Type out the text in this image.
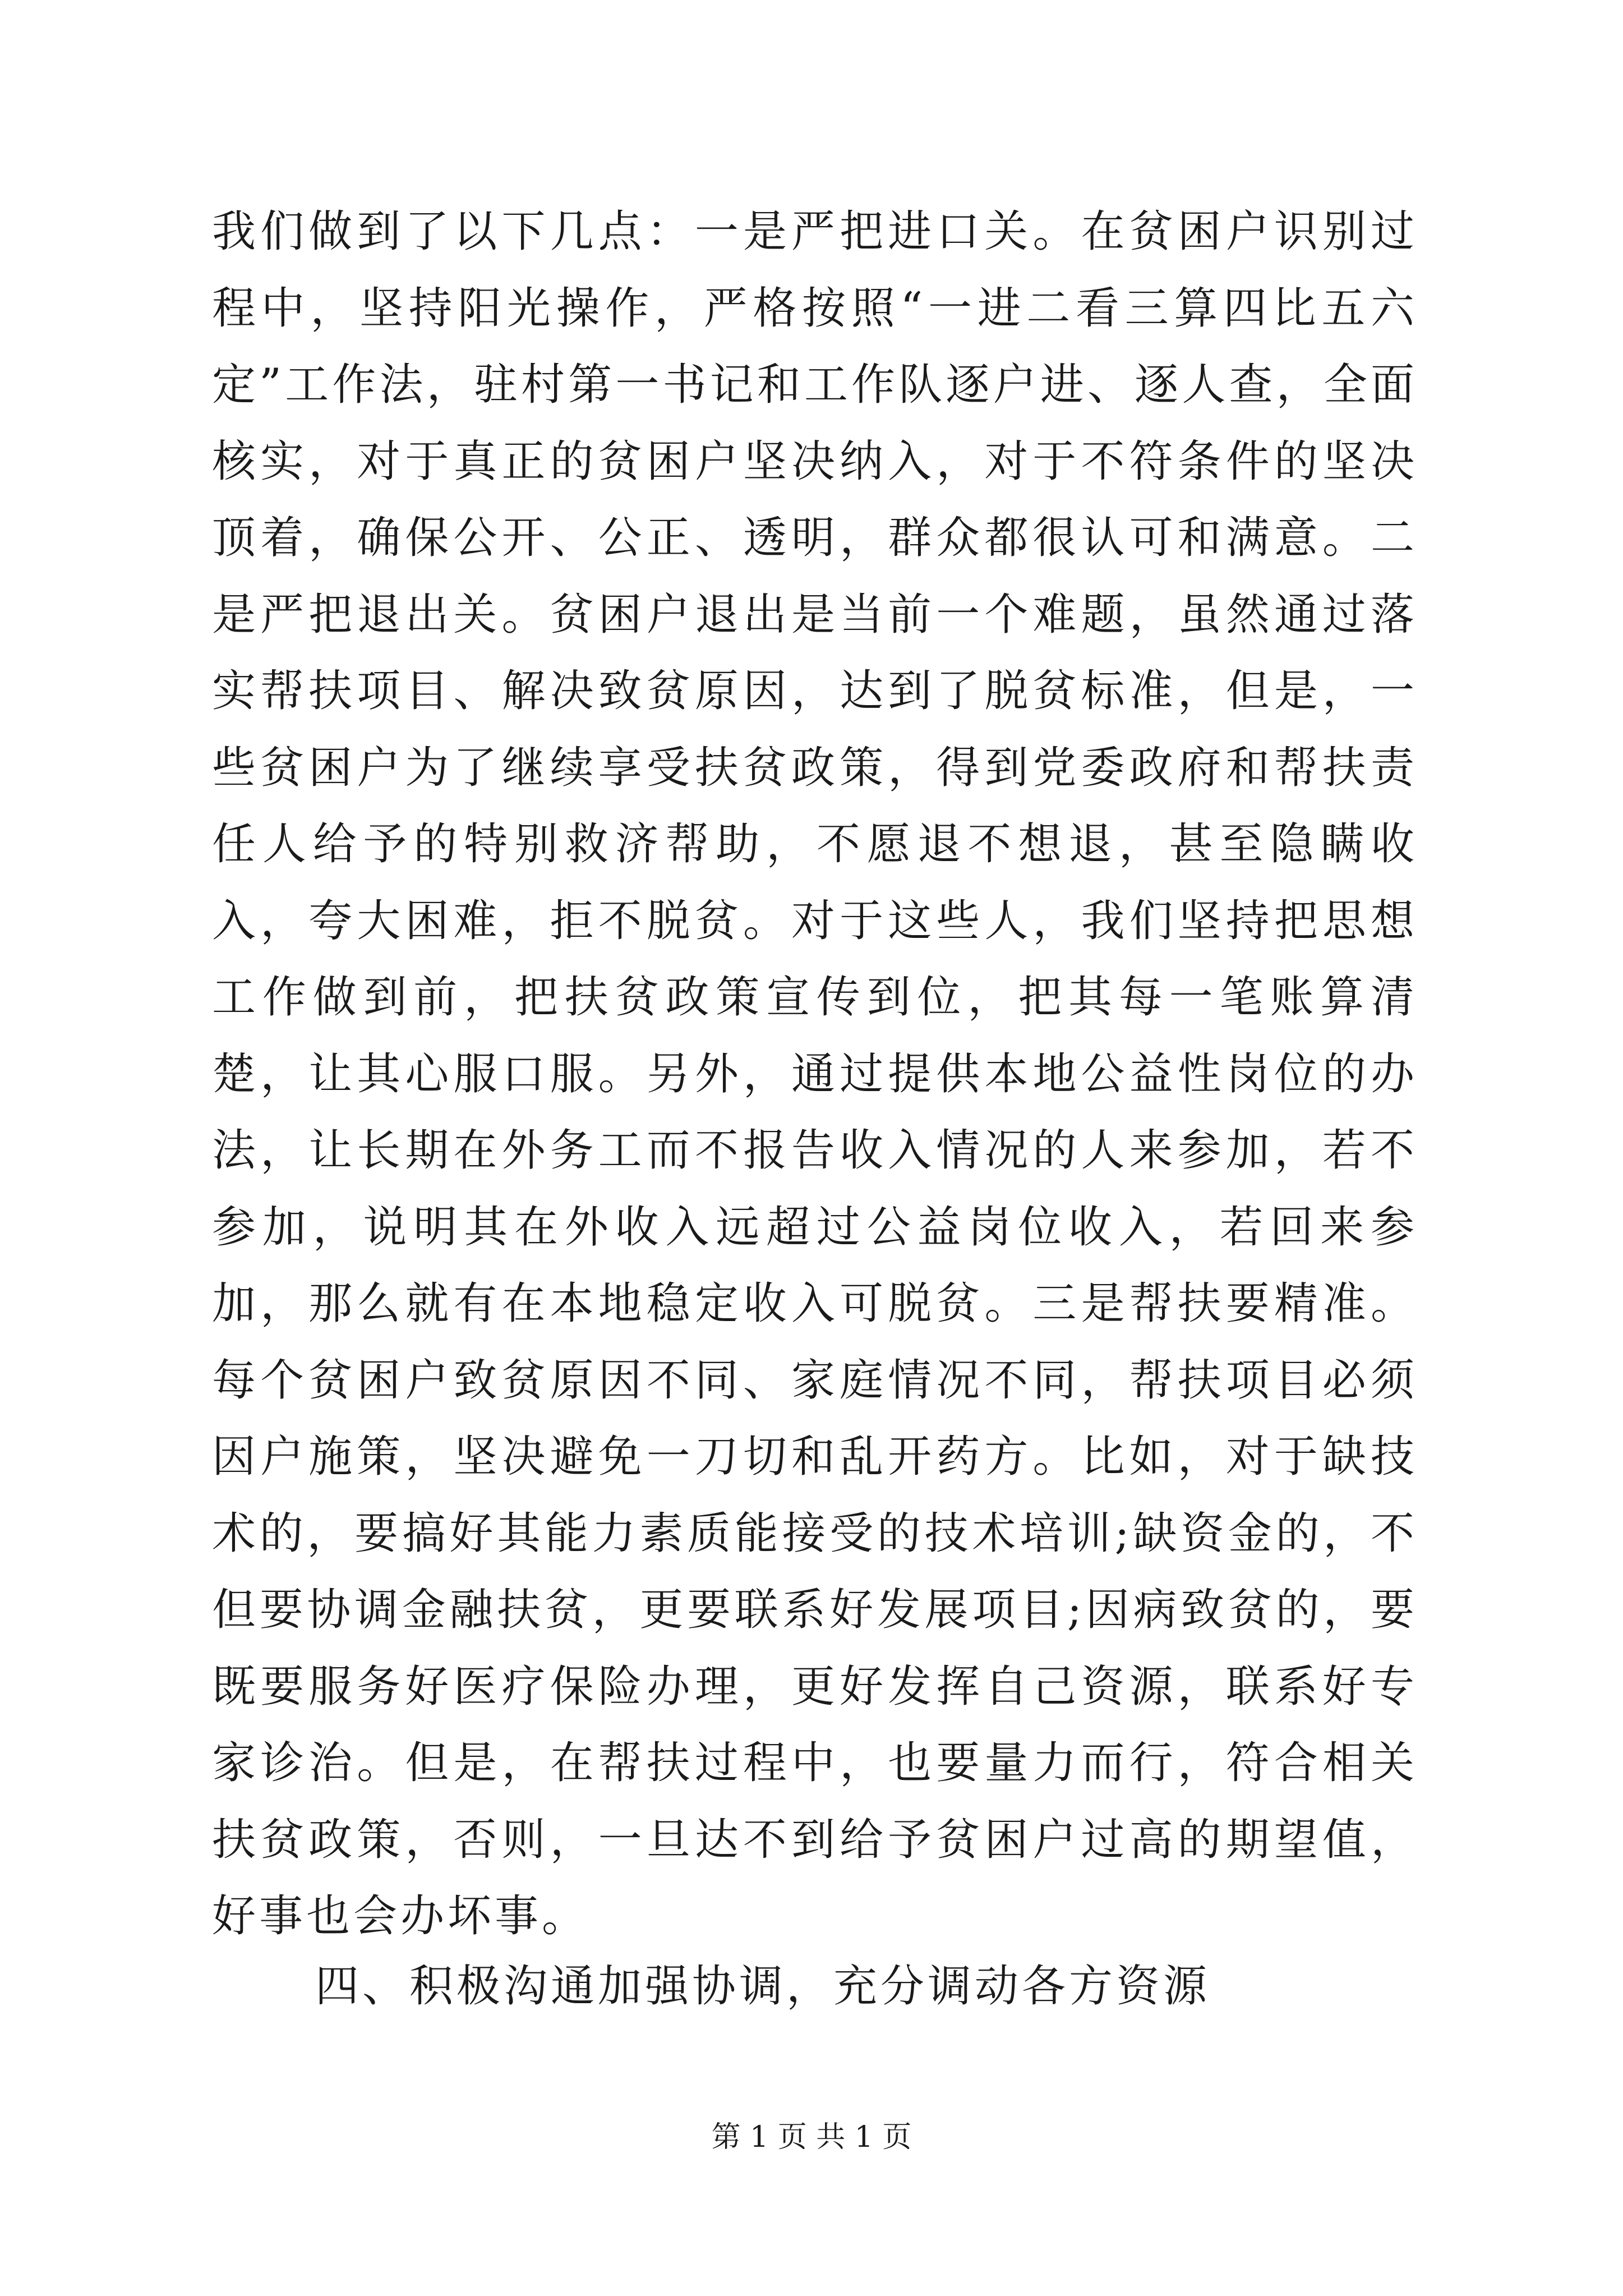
我们做到了以下几点：一是严把进口关。在贫困户识别过程中，坚持阳光操作，严格按照“一进二看三算四比五六定”工作法，驻村第一书记和工作队逐户进、逐人查，全面核实，对于真正的贫困户坚决纳入，对于不符条件的坚决顶着，确保公开、公正、透明，群众都很认可和满意。二是严把退出关。贫困户退出是当前一个难题，虽然通过落实帮扶项目、解决致贫原因，达到了脱贫标准，但是，一些贫困户为了继续享受扶贫政策，得到党委政府和帮扶责任人给予的特别救济帮助，不愿退不想退，甚至隐瞒收入，夸大困难，拒不脱贫。对于这些人，我们坚持把思想工作做到前，把扶贫政策宣传到位，把其每一笔账算清楚，让其心服口服。另外，通过提供本地公益性岗位的办法，让长期在外务工而不报告收入情况的人来参加，若不参加，说明其在外收入远超过公益岗位收入，若回来参加，那么就有在本地稳定收入可脱贫。三是帮扶要精准。每个贫困户致贫原因不同、家庭情况不同，帮扶项目必须因户施策，坚决避免一刀切和乱开药方。比如，对于缺技术的，要搞好其能力素质能接受的技术培训;缺资金的，不但要协调金融扶贫，更要联系好发展项目;因病致贫的，要既要服务好医疗保险办理，更好发挥自己资源，联系好专家诊治。但是，在帮扶过程中，也要量力而行，符合相关扶贫政策，否则，一旦达不到给予贫困户过高的期望值，好事也会办坏事。

四、积极沟通加强协调，充分调动各方资源

第 1 页 共 1 页
